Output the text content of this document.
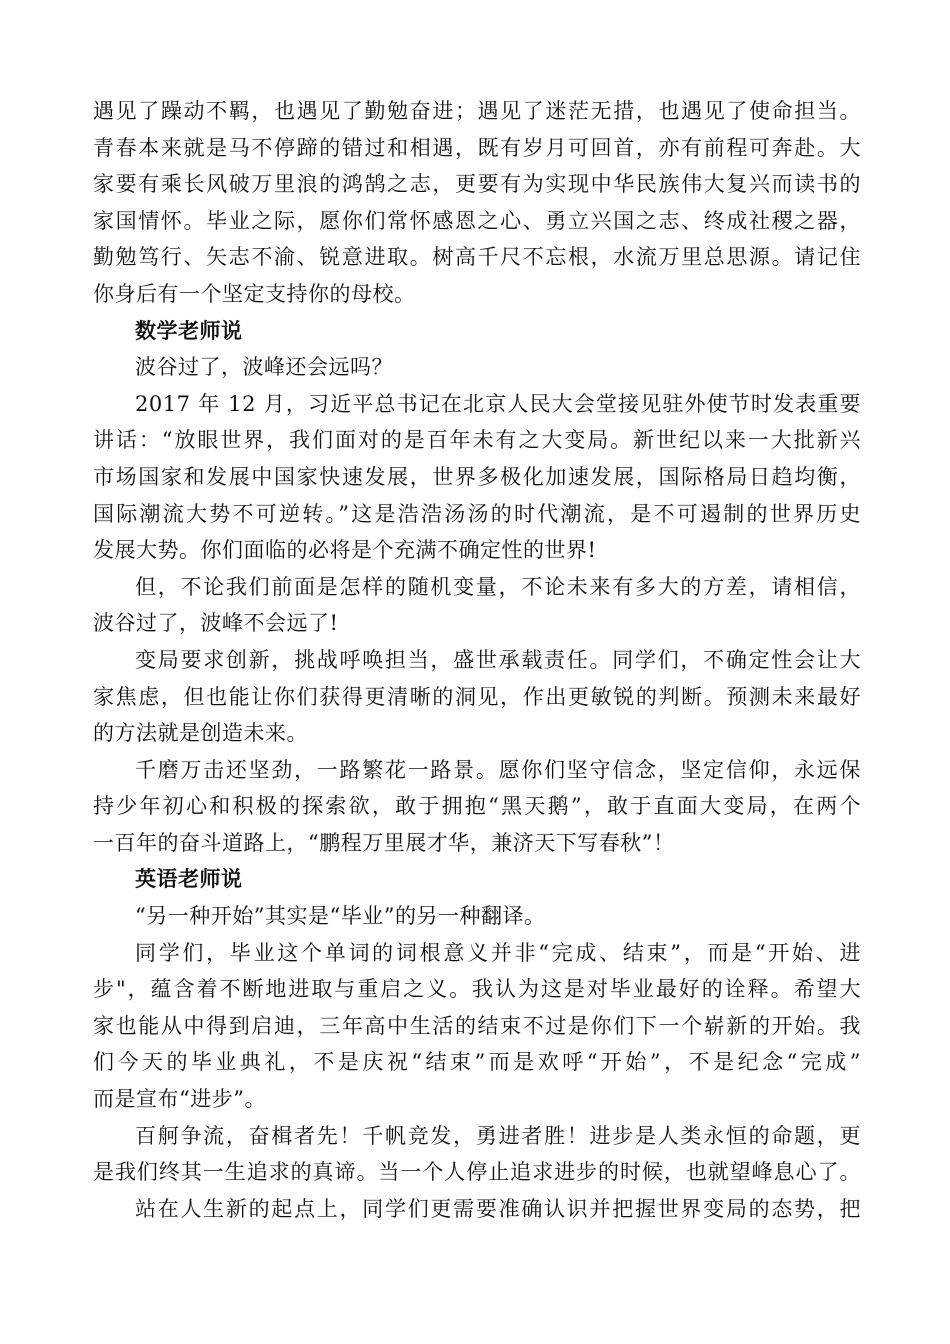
遇见了躁动不羁，也遇见了勤勉奋进；遇见了迷茫无措，也遇见了使命担当。
青春本来就是马不停蹄的错过和相遇，既有岁月可回首，亦有前程可奔赴。大
家要有乘长风破万里浪的鸿鹄之志，更要有为实现中华民族伟大复兴而读书的
家国情怀。毕业之际，愿你们常怀感恩之心、勇立兴国之志、终成社稷之器，
勤勉笃行、矢志不渝、锐意进取。树高千尺不忘根，水流万里总思源。请记住
你身后有一个坚定支持你的母校。
数学老师说
波谷过了，波峰还会远吗？
2017 年 12 月，习近平总书记在北京人民大会堂接见驻外使节时发表重要
讲话：“放眼世界，我们面对的是百年未有之大变局。新世纪以来一大批新兴
市场国家和发展中国家快速发展，世界多极化加速发展，国际格局日趋均衡，
国际潮流大势不可逆转。”这是浩浩汤汤的时代潮流，是不可遏制的世界历史
发展大势。你们面临的必将是个充满不确定性的世界!
但，不论我们前面是怎样的随机变量，不论未来有多大的方差，请相信，
波谷过了，波峰不会远了!
变局要求创新，挑战呼唤担当，盛世承载责任。同学们，不确定性会让大
家焦虑，但也能让你们获得更清晰的洞见，作出更敏锐的判断。预测未来最好
的方法就是创造未来。
千磨万击还坚劲，一路繁花一路景。愿你们坚守信念，坚定信仰，永远保
持少年初心和积极的探索欲，敢于拥抱“黑天鹅”，敢于直面大变局，在两个
一百年的奋斗道路上，“鹏程万里展才华，兼济天下写春秋”！
英语老师说
“另一种开始”其实是“毕业”的另一种翻译。
同学们，毕业这个单词的词根意义并非“完成、结束”，而是“开始、进
步"，蕴含着不断地进取与重启之义。我认为这是对毕业最好的诠释。希望大
家也能从中得到启迪，三年高中生活的结束不过是你们下一个崭新的开始。我
们今天的毕业典礼，不是庆祝“结束”而是欢呼“开始”，不是纪念“完成”
而是宣布“进步”。
百舸争流，奋楫者先！千帆竞发，勇进者胜！进步是人类永恒的命题，更
是我们终其一生追求的真谛。当一个人停止追求进步的时候，也就望峰息心了。
站在人生新的起点上，同学们更需要准确认识并把握世界变局的态势，把
